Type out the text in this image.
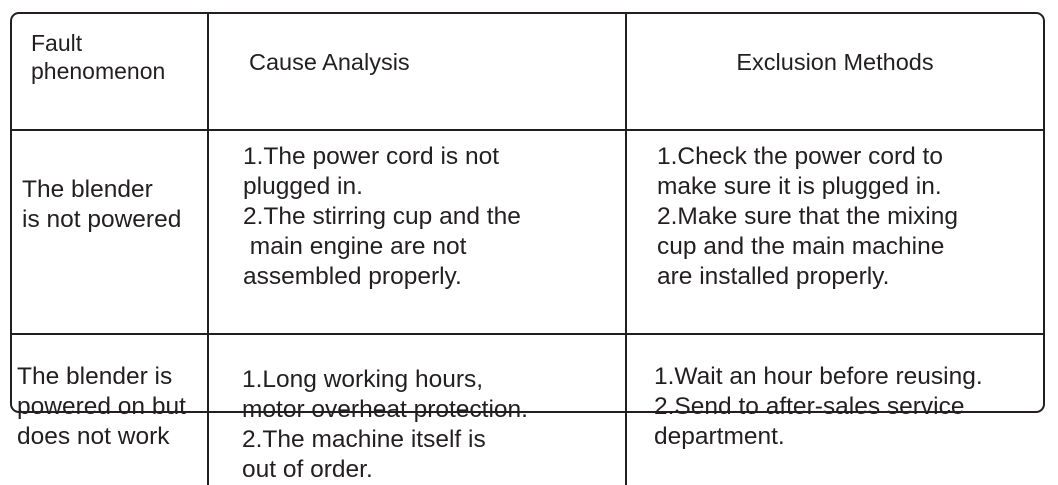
Fault
phenomenon	Cause Analysis	Exclusion Methods

The blender
is not powered	1.The power cord is not
plugged in.
2.The stirring cup and the
main engine are not
assembled properly.	1.Check the power cord to
make sure it is plugged in.
2.Make sure that the mixing
cup and the main machine
are installed properly.

The blender is
powered on but
does not work	1.Long working hours,
motor overheat protection.
2.The machine itself is
out of order.	1.Wait an hour before reusing.
2.Send to after-sales service
department.
